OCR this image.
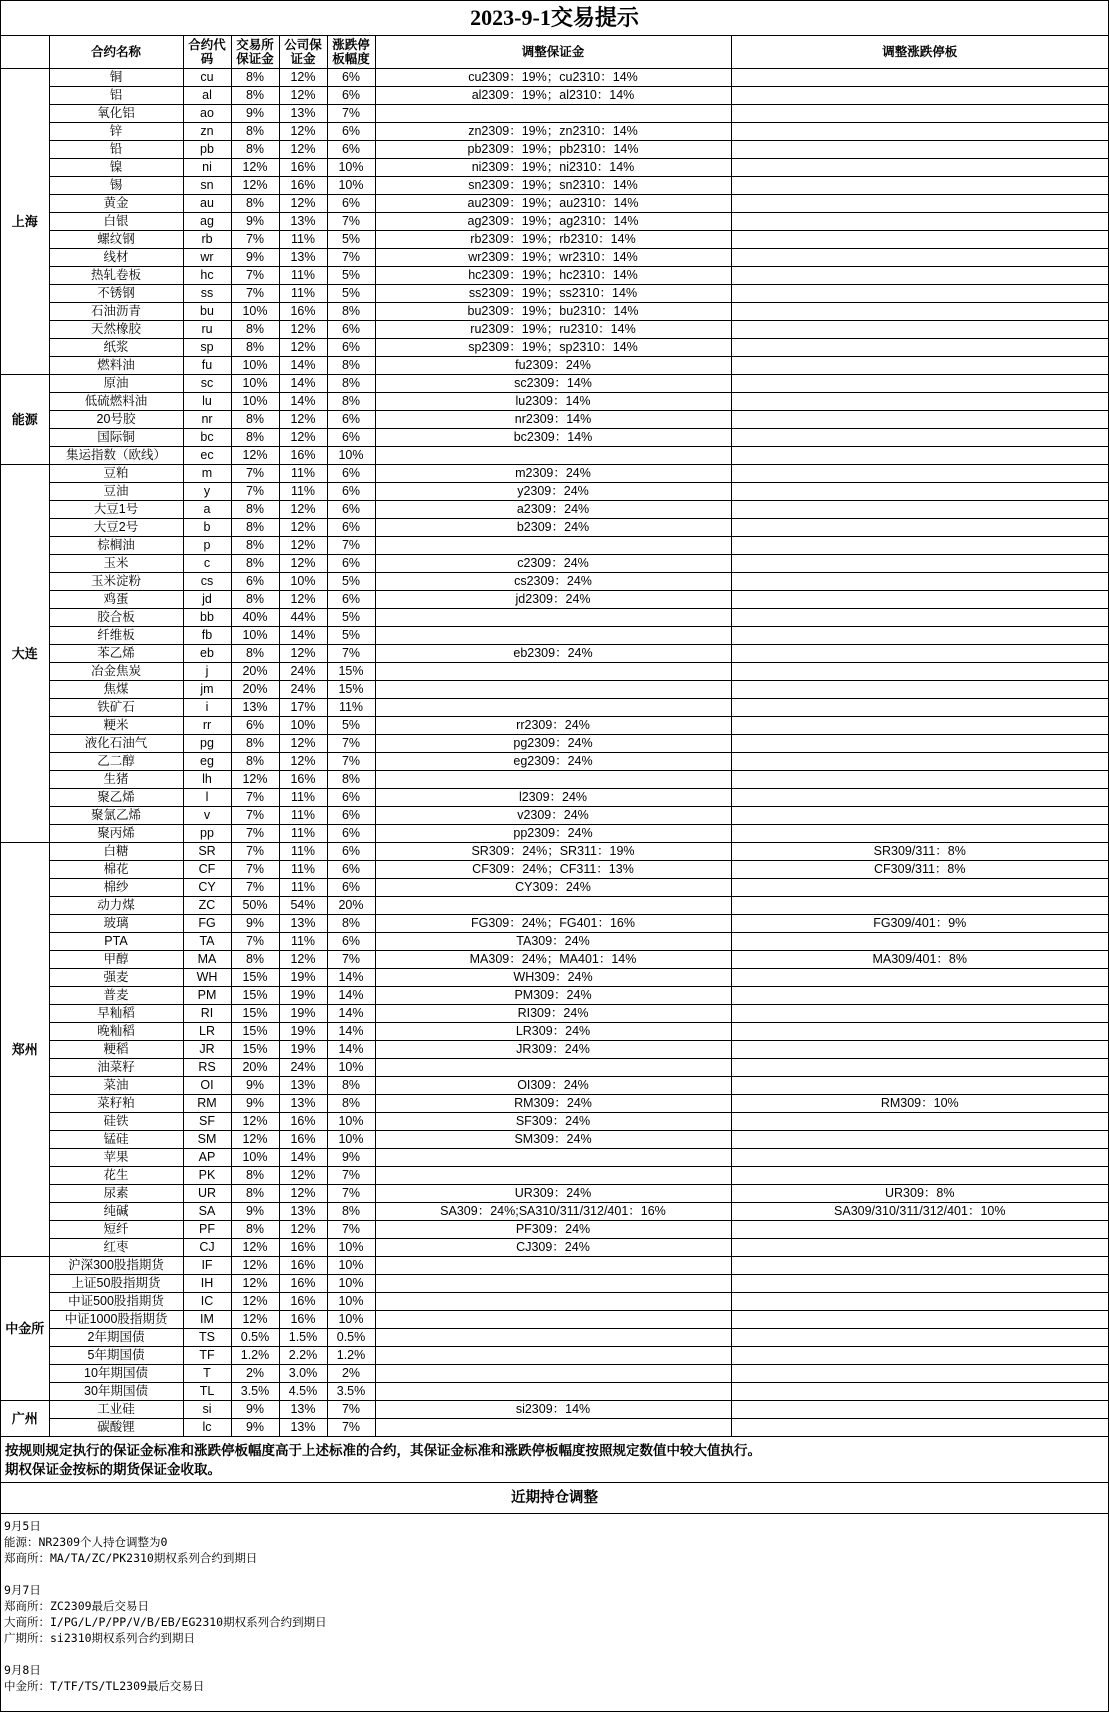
2023-9-1交易提示
	合约名称	合约代码	交易所保证金	公司保证金	涨跌停板幅度	调整保证金	调整涨跌停板
上海	铜	cu	8%	12%	6%	cu2309：19%；cu2310：14%	
	铝	al	8%	12%	6%	al2309：19%；al2310：14%	
	氧化铝	ao	9%	13%	7%		
	锌	zn	8%	12%	6%	zn2309：19%；zn2310：14%	
	铅	pb	8%	12%	6%	pb2309：19%；pb2310：14%	
	镍	ni	12%	16%	10%	ni2309：19%；ni2310：14%	
	锡	sn	12%	16%	10%	sn2309：19%；sn2310：14%	
	黄金	au	8%	12%	6%	au2309：19%；au2310：14%	
	白银	ag	9%	13%	7%	ag2309：19%；ag2310：14%	
	螺纹钢	rb	7%	11%	5%	rb2309：19%；rb2310：14%	
	线材	wr	9%	13%	7%	wr2309：19%；wr2310：14%	
	热轧卷板	hc	7%	11%	5%	hc2309：19%；hc2310：14%	
	不锈钢	ss	7%	11%	5%	ss2309：19%；ss2310：14%	
	石油沥青	bu	10%	16%	8%	bu2309：19%；bu2310：14%	
	天然橡胶	ru	8%	12%	6%	ru2309：19%；ru2310：14%	
	纸浆	sp	8%	12%	6%	sp2309：19%；sp2310：14%	
	燃料油	fu	10%	14%	8%	fu2309：24%	
能源	原油	sc	10%	14%	8%	sc2309：14%	
	低硫燃料油	lu	10%	14%	8%	lu2309：14%	
	20号胶	nr	8%	12%	6%	nr2309：14%	
	国际铜	bc	8%	12%	6%	bc2309：14%	
	集运指数（欧线）	ec	12%	16%	10%		
大连	豆粕	m	7%	11%	6%	m2309：24%	
	豆油	y	7%	11%	6%	y2309：24%	
	大豆1号	a	8%	12%	6%	a2309：24%	
	大豆2号	b	8%	12%	6%	b2309：24%	
	棕榈油	p	8%	12%	7%		
	玉米	c	8%	12%	6%	c2309：24%	
	玉米淀粉	cs	6%	10%	5%	cs2309：24%	
	鸡蛋	jd	8%	12%	6%	jd2309：24%	
	胶合板	bb	40%	44%	5%		
	纤维板	fb	10%	14%	5%		
	苯乙烯	eb	8%	12%	7%	eb2309：24%	
	冶金焦炭	j	20%	24%	15%		
	焦煤	jm	20%	24%	15%		
	铁矿石	i	13%	17%	11%		
	粳米	rr	6%	10%	5%	rr2309：24%	
	液化石油气	pg	8%	12%	7%	pg2309：24%	
	乙二醇	eg	8%	12%	7%	eg2309：24%	
	生猪	lh	12%	16%	8%		
	聚乙烯	l	7%	11%	6%	l2309：24%	
	聚氯乙烯	v	7%	11%	6%	v2309：24%	
	聚丙烯	pp	7%	11%	6%	pp2309：24%	
郑州	白糖	SR	7%	11%	6%	SR309：24%；SR311：19%	SR309/311：8%
	棉花	CF	7%	11%	6%	CF309：24%；CF311：13%	CF309/311：8%
	棉纱	CY	7%	11%	6%	CY309：24%	
	动力煤	ZC	50%	54%	20%		
	玻璃	FG	9%	13%	8%	FG309：24%；FG401：16%	FG309/401：9%
	PTA	TA	7%	11%	6%	TA309：24%	
	甲醇	MA	8%	12%	7%	MA309：24%；MA401：14%	MA309/401：8%
	强麦	WH	15%	19%	14%	WH309：24%	
	普麦	PM	15%	19%	14%	PM309：24%	
	早籼稻	RI	15%	19%	14%	RI309：24%	
	晚籼稻	LR	15%	19%	14%	LR309：24%	
	粳稻	JR	15%	19%	14%	JR309：24%	
	油菜籽	RS	20%	24%	10%		
	菜油	OI	9%	13%	8%	OI309：24%	
	菜籽粕	RM	9%	13%	8%	RM309：24%	RM309：10%
	硅铁	SF	12%	16%	10%	SF309：24%	
	锰硅	SM	12%	16%	10%	SM309：24%	
	苹果	AP	10%	14%	9%		
	花生	PK	8%	12%	7%		
	尿素	UR	8%	12%	7%	UR309：24%	UR309：8%
	纯碱	SA	9%	13%	8%	SA309：24%;SA310/311/312/401：16%	SA309/310/311/312/401：10%
	短纤	PF	8%	12%	7%	PF309：24%	
	红枣	CJ	12%	16%	10%	CJ309：24%	
中金所	沪深300股指期货	IF	12%	16%	10%		
	上证50股指期货	IH	12%	16%	10%		
	中证500股指期货	IC	12%	16%	10%		
	中证1000股指期货	IM	12%	16%	10%		
	2年期国债	TS	0.5%	1.5%	0.5%		
	5年期国债	TF	1.2%	2.2%	1.2%		
	10年期国债	T	2%	3.0%	2%		
	30年期国债	TL	3.5%	4.5%	3.5%		
广州	工业硅	si	9%	13%	7%	si2309：14%	
	碳酸锂	lc	9%	13%	7%		
按规则规定执行的保证金标准和涨跌停板幅度高于上述标准的合约，其保证金标准和涨跌停板幅度按照规定数值中较大值执行。
期权保证金按标的期货保证金收取。
近期持仓调整
9月5日
能源：NR2309个人持仓调整为0
郑商所：MA/TA/ZC/PK2310期权系列合约到期日
9月7日
郑商所：ZC2309最后交易日
大商所：I/PG/L/P/PP/V/B/EB/EG2310期权系列合约到期日
广期所：si2310期权系列合约到期日
9月8日
中金所：T/TF/TS/TL2309最后交易日
